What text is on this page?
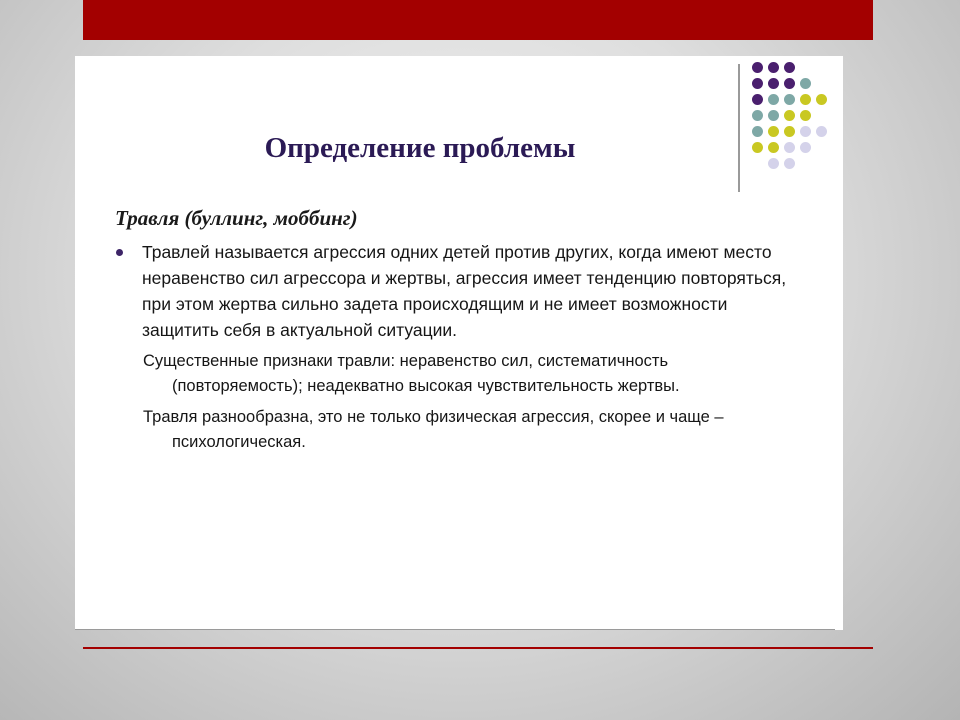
Определение проблемы
Травля (буллинг, моббинг)
Травлей называется агрессия одних детей против других, когда имеют место неравенство сил агрессора и жертвы, агрессия имеет тенденцию повторяться, при этом жертва сильно задета происходящим и не имеет возможности защитить себя в актуальной ситуации.
Существенные признаки травли: неравенство сил, систематичность (повторяемость); неадекватно высокая чувствительность жертвы.
Травля разнообразна, это не только физическая агрессия, скорее и чаще – психологическая.
